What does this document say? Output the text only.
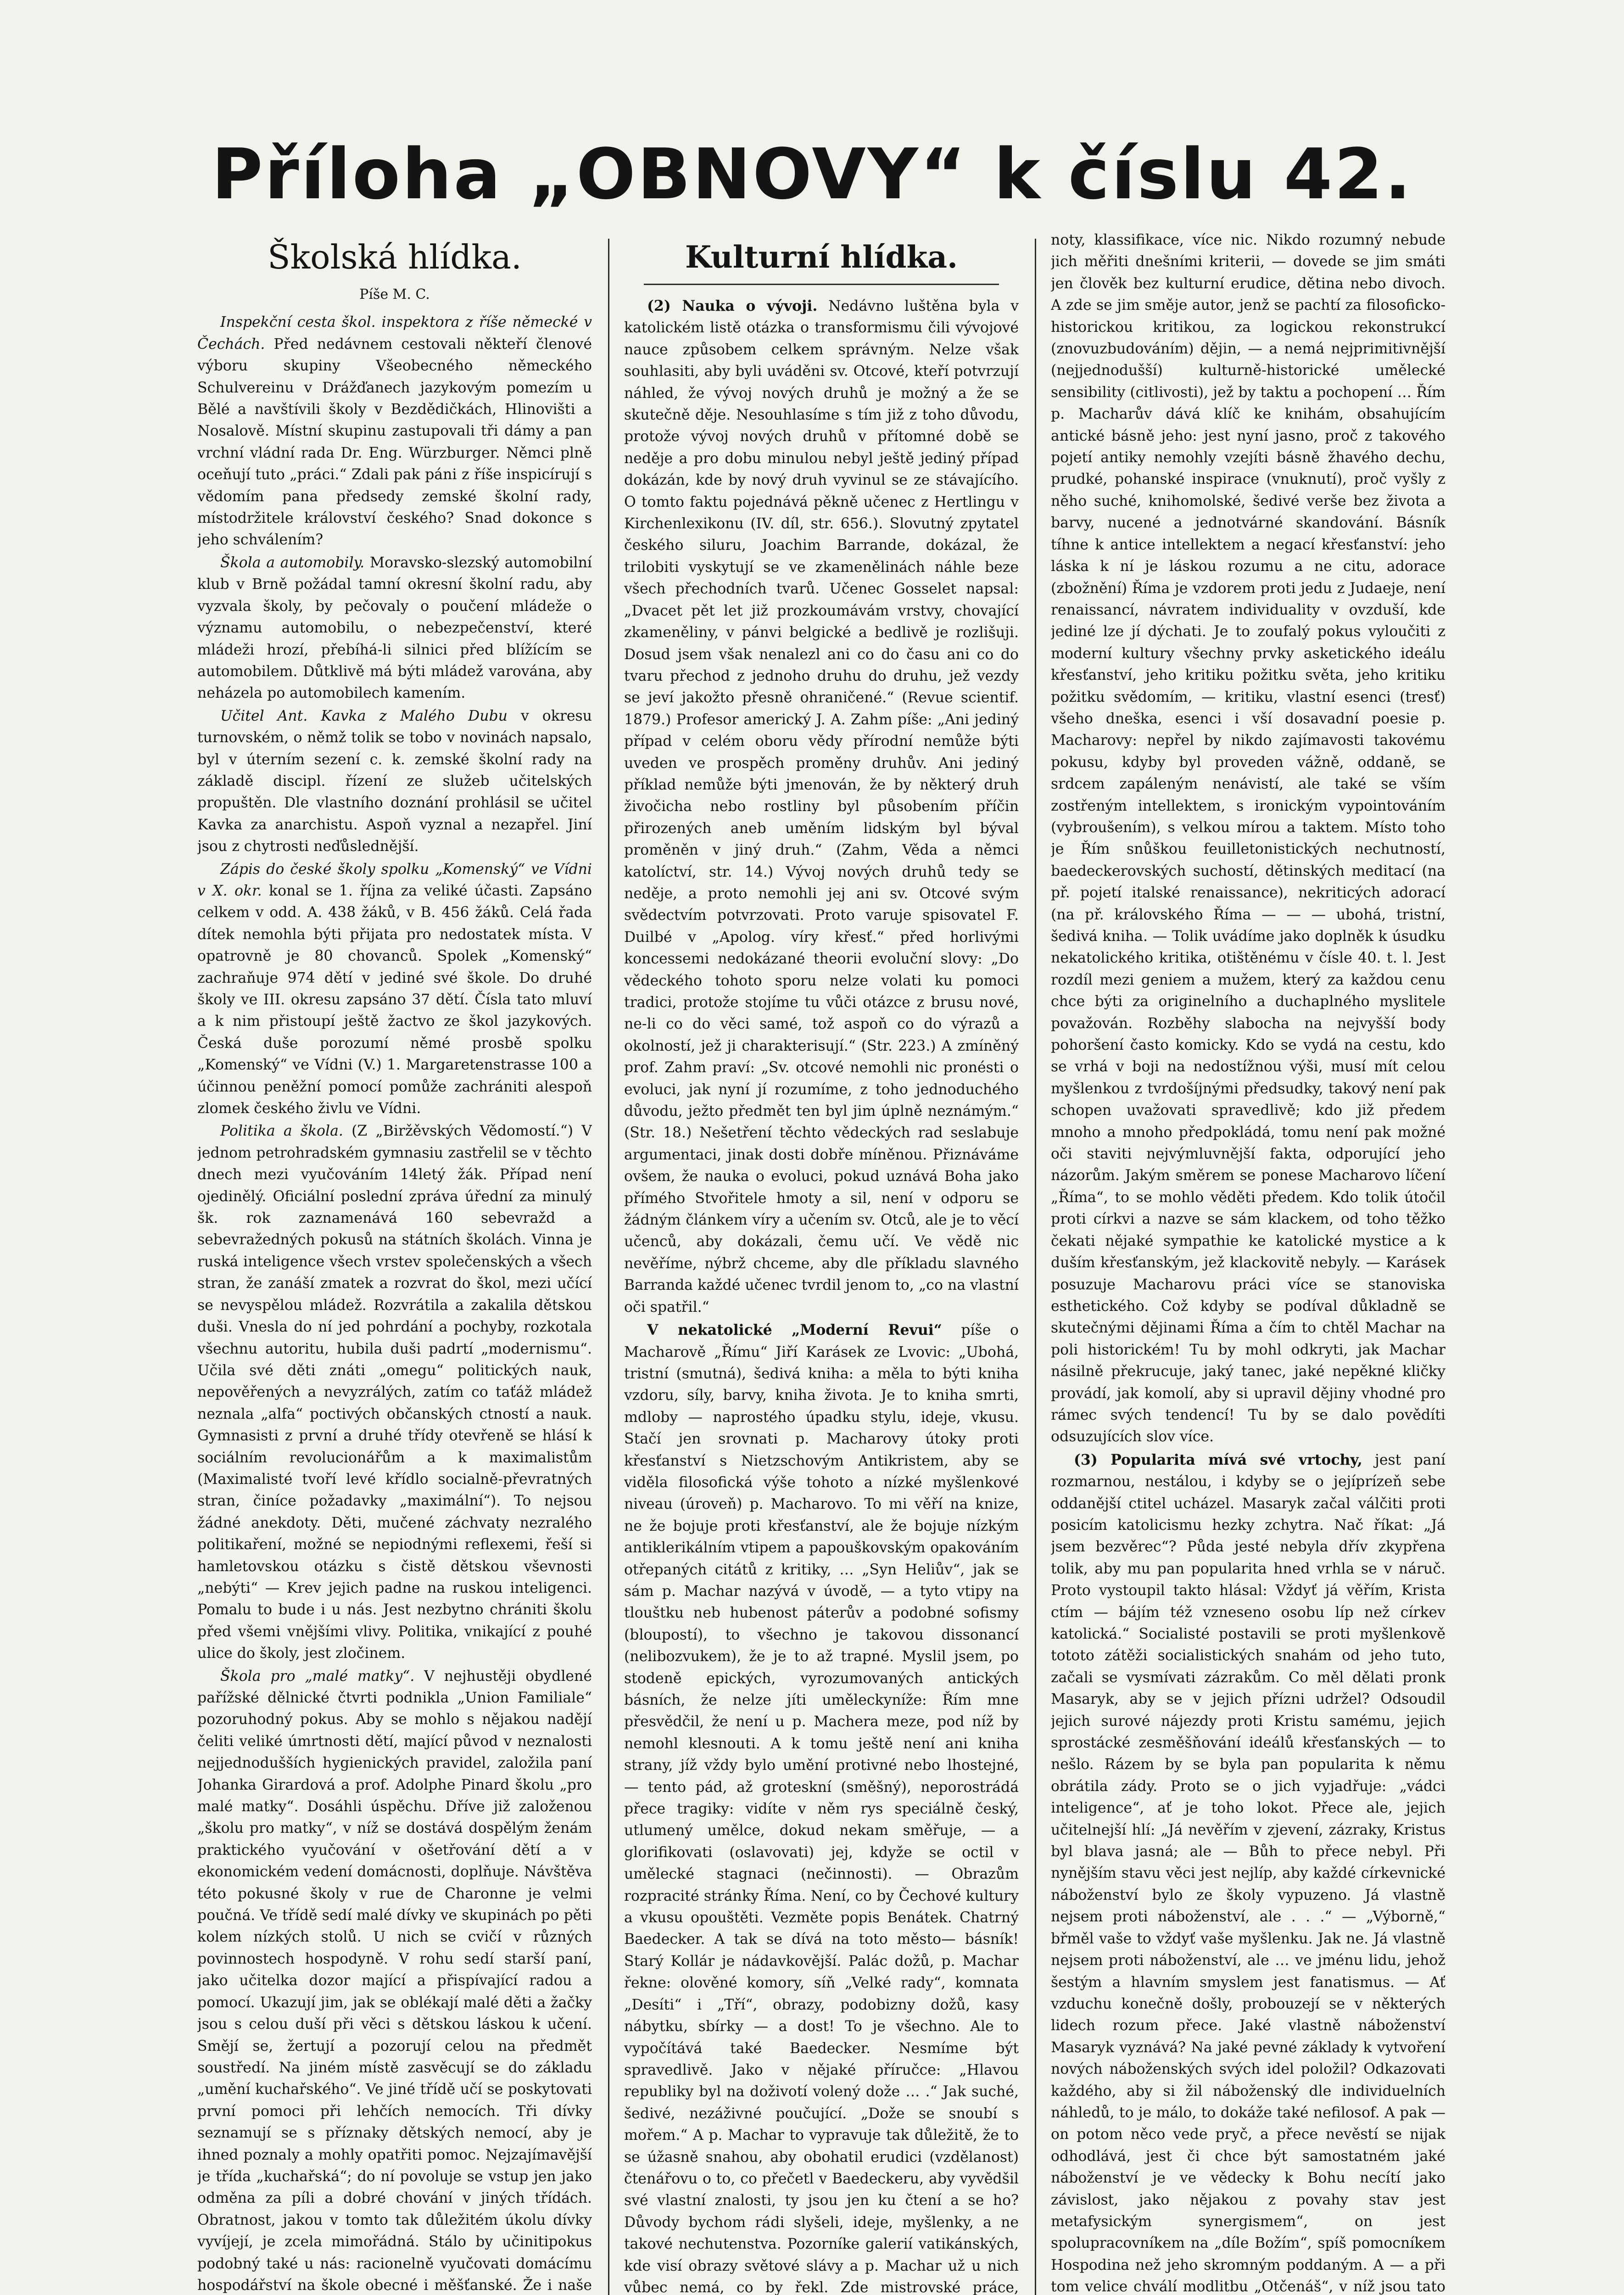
Příloha „OBNOVY“ k číslu 42.
Školská hlídka.
Píše M. C.

Inspekční cesta škol. inspektora z říše německé v Čechách. Před nedávnem cestovali někteří členové výboru skupiny Všeobecného německého Schulvereinu v Drážďanech jazykovým pomezím u Bělé a navštívili školy v Bezdědičkách, Hlinovišti a Nosalově. Místní skupinu zastupovali tři dámy a pan vrchní vládní rada Dr. Eng. Würzburger. Němci plně oceňují tuto „práci.“ Zdali pak páni z říše inspicírují s vědomím pana předsedy zemské školní rady, místodržitele království českého? Snad dokonce s jeho schválením?

Škola a automobily. Moravsko-slezský automobilní klub v Brně požádal tamní okresní školní radu, aby vyzvala školy, by pečovaly o poučení mládeže o významu automobilu, o nebezpečenství, které mládeži hrozí, přebíhá-li silnici před blížícím se automobilem. Důtklivě má býti mládež varována, aby neházela po automobilech kamením.

Učitel Ant. Kavka z Malého Dubu v okresu turnovském, o němž tolik se tobo v novinách napsalo, byl v úterním sezení c. k. zemské školní rady na základě discipl. řízení ze služeb učitelských propuštěn. Dle vlastního doznání prohlásil se učitel Kavka za anarchistu. Aspoň vyznal a nezapřel. Jiní jsou z chytrosti neďůslednější.

Zápis do české školy spolku „Komenský“ ve Vídni v X. okr. konal se 1. října za veliké účasti. Zapsáno celkem v odd. A. 438 žáků, v B. 456 žáků. Celá řada dítek nemohla býti přijata pro nedostatek místa. V opatrovně je 80 chovanců. Spolek „Komenský“ zachraňuje 974 dětí v jediné své škole. Do druhé školy ve III. okresu zapsáno 37 dětí. Čísla tato mluví a k nim přistoupí ještě žactvo ze škol jazykových. Česká duše porozumí němé prosbě spolku „Komenský“ ve Vídni (V.) 1. Margaretenstrasse 100 a účinnou peněžní pomocí pomůže zachrániti alespoň zlomek českého živlu ve Vídni.

Politika a škola. (Z „Biržěvských Vědomostí.“) V jednom petrohradském gymnasiu zastřelil se v těchto dnech mezi vyučováním 14letý žák. Případ není ojedinělý. Oficiální poslední zpráva úřední za minulý šk. rok zaznamenává 160 sebevražd a sebevražedných pokusů na státních školách. Vinna je ruská inteligence všech vrstev společenských a všech stran, že zanáší zmatek a rozvrat do škol, mezi učící se nevyspělou mládež. Rozvrátila a zakalila dětskou duši. Vnesla do ní jed pohrdání a pochyby, rozkotala všechnu autoritu, hubila duši padrtí „modernismu“. Učila své děti znáti „omegu“ politických nauk, nepověřených a nevyzrálých, zatím co taťáž mládež neznala „alfa“ poctivých občanských ctností a nauk. Gymnasisti z první a druhé třídy otevřeně se hlásí k sociálním revolucionářům a k maximalistům (Maximalisté tvoří levé křídlo socialně-převratných stran, činíce požadavky „maximální“). To nejsou žádné anekdoty. Děti, mučené záchvaty nezralého politikaření, možné se nepiodnými reflexemi, řeší si hamletovskou otázku s čistě dětskou vševnosti „nebýti“ — Krev jejich padne na ruskou inteligenci. Pomalu to bude i u nás. Jest nezbytno chrániti školu před všemi vnějšími vlivy. Politika, vnikající z pouhé ulice do školy, jest zločinem.

Škola pro „malé matky“. V nejhustěji obydlené pařížské dělnické čtvrti podnikla „Union Familiale“ pozoruhodný pokus. Aby se mohlo s nějakou nadějí čeliti veliké úmrtnosti dětí, mající původ v neznalosti nejjednodušších hygienických pravidel, založila paní Johanka Girardová a prof. Adolphe Pinard školu „pro malé matky“. Dosáhli úspěchu. Dříve již založenou „školu pro matky“, v níž se dostává dospělým ženám praktického vyučování v ošetřování dětí a v ekonomickém vedení domácnosti, doplňuje. Návštěva této pokusné školy v rue de Charonne je velmi poučná. Ve třídě sedí malé dívky ve skupinách po pěti kolem nízkých stolů. U nich se cvičí v různých povinnostech hospodyně. V rohu sedí starší paní, jako učitelka dozor mající a přispívající radou a pomocí. Ukazují jim, jak se oblékají malé děti a žačky jsou s celou duší při věci s dětskou láskou k učení. Smějí se, žertují a pozorují celou na předmět soustředí. Na jiném místě zasvěcují se do základu „umění kuchařského“. Ve jiné třídě učí se poskytovati první pomoci při lehčích nemocích. Tři dívky seznamují se s příznaky dětských nemocí, aby je ihned poznaly a mohly opatřiti pomoc. Nejzajímavější je třída „kuchařská“; do ní povoluje se vstup jen jako odměna za píli a dobré chování v jiných třídách. Obratnost, jakou v tomto tak důležitém úkolu dívky vyvíjejí, je zcela mimořádná. Stálo by učinitipokus podobný také u nás: racionelně vyučovati domácímu hospodářství na škole obecné i měšťanské. Že i naše

Kulturní hlídka.

(2) Nauka o vývoji. Nedávno luštěna byla v katolickém listě otázka o transformismu čili vývojové nauce způsobem celkem správným. Nelze však souhlasiti, aby byli uváděni sv. Otcové, kteří potvrzují náhled, že vývoj nových druhů je možný a že se skutečně děje. Nesouhlasíme s tím již z toho důvodu, protože vývoj nových druhů v přítomné době se neděje a pro dobu minulou nebyl ještě jediný případ dokázán, kde by nový druh vyvinul se ze stávajícího. O tomto faktu pojednává pěkně učenec z Hertlingu v Kirchenlexikonu (IV. díl, str. 656.). Slovutný zpytatel českého siluru, Joachim Barrande, dokázal, že trilobiti vyskytují se ve zkamenělinách náhle beze všech přechodních tvarů. Učenec Gosselet napsal: „Dvacet pět let již prozkoumávám vrstvy, chovající zkameněliny, v pánvi belgické a bedlivě je rozlišuji. Dosud jsem však nenalezl ani co do času ani co do tvaru přechod z jednoho druhu do druhu, jež vezdy se jeví jakožto přesně ohraničené.“ (Revue scientif. 1879.) Profesor americký J. A. Zahm píše: „Ani jediný případ v celém oboru vědy přírodní nemůže býti uveden ve prospěch proměny druhův. Ani jediný příklad nemůže býti jmenován, že by některý druh živočicha nebo rostliny byl působením příčin přirozených aneb uměním lidským byl býval proměněn v jiný druh.“ (Zahm, Věda a němci katolíctví, str. 14.) Vývoj nových druhů tedy se neděje, a proto nemohli jej ani sv. Otcové svým svědectvím potvrzovati. Proto varuje spisovatel F. Duilbé v „Apolog. víry křesť.“ před horlivými koncessemi nedokázané theorii evoluční slovy: „Do vědeckého tohoto sporu nelze volati ku pomoci tradici, protože stojíme tu vůči otázce z brusu nové, ne-li co do věci samé, tož aspoň co do výrazů a okolností, jež ji charakterisují.“ (Str. 223.) A zmíněný prof. Zahm praví: „Sv. otcové nemohli nic pronésti o evoluci, jak nyní jí rozumíme, z toho jednoduchého důvodu, ježto předmět ten byl jim úplně neznámým.“ (Str. 18.) Nešetření těchto vědeckých rad seslabuje argumentaci, jinak dosti dobře míněnou. Přiznáváme ovšem, že nauka o evoluci, pokud uznává Boha jako přímého Stvořitele hmoty a sil, není v odporu se žádným článkem víry a učením sv. Otců, ale je to věcí učenců, aby dokázali, čemu učí. Ve vědě nic nevěříme, nýbrž chceme, aby dle příkladu slavného Barranda každé učenec tvrdil jenom to, „co na vlastní oči spatřil.“

V nekatolické „Moderní Revui“ píše o Macharově „Římu“ Jiří Karásek ze Lvovic: „Ubohá, tristní (smutná), šedivá kniha: a měla to býti kniha vzdoru, síly, barvy, kniha života. Je to kniha smrti, mdloby — naprostého úpadku stylu, ideje, vkusu. Stačí jen srovnati p. Macharovy útoky proti křesťanství s Nietzschovým Antikristem, aby se viděla filosofická výše tohoto a nízké myšlenkové niveau (úroveň) p. Macharovo. To mi věří na knize, ne že bojuje proti křesťanství, ale že bojuje nízkým antiklerikálním vtipem a papouškovským opakováním otřepaných citátů z kritiky, … „Syn Heliův“, jak se sám p. Machar nazývá v úvodě, — a tyto vtipy na tlouštku neb hubenost páterův a podobné sofismy (bloupostí), to všechno je takovou dissonancí (nelibozvukem), že je to až trapné. Myslil jsem, po stodeně epických, vyrozumovaných antických básních, že nelze jíti uměleckyníže: Řím mne přesvědčil, že není u p. Machera meze, pod níž by nemohl klesnouti. A k tomu ještě není ani kniha strany, jíž vždy bylo umění protivné nebo lhostejné, — tento pád, až groteskní (směšný), neporostrádá přece tragiky: vidíte v něm rys speciálně český, utlumený umělce, dokud nekam směřuje, — a glorifikovati (oslavovati) jej, kdyže se octil v umělecké stagnaci (nečinnosti). — Obrazům rozpracité stránky Říma. Není, co by Čechové kultury a vkusu opouštěti. Vezměte popis Benátek. Chatrný Baedecker. A tak se dívá na toto město— básník! Starý Kollár je nádavkovější. Palác dožů, p. Machar řekne: olověné komory, síň „Velké rady“, komnata „Desíti“ i „Tří“, obrazy, podobizny dožů, kasy nábytku, sbírky — a dost! To je všechno. Ale to vypočítává také Baedecker. Nesmíme být spravedlivě. Jako v nějaké příručce: „Hlavou republiky byl na doživotí volený dože … .“ Jak suché, šedivé, nezáživné poučující. „Dože se snoubí s mořem.“ A p. Machar to vypravuje tak důležitě, že to se úžasně snahou, aby obohatil erudici (vzdělanost) čtenářovu o to, co přečetl v Baedeckeru, aby vyvědšil své vlastní znalosti, ty jsou jen ku čtení a se ho? Důvody bychom rádi slyšeli, ideje, myšlenky, a ne takové nechutenstva. Pozorníke galerií vatikánských, kde visí obrazy světové slávy a p. Machar už u nich vůbec nemá, co by řekl. Zde mistrovské práce,

noty, klassifikace, více nic. Nikdo rozumný nebude jich měřiti dnešními kriterii, — dovede se jim smáti jen člověk bez kulturní erudice, dětina nebo divoch. A zde se jim směje autor, jenž se pachtí za filosoficko-historickou kritikou, za logickou rekonstrukcí (znovuzbudováním) dějin, — a nemá nejprimitivnější (nejjednodušší) kulturně-historické umělecké sensibility (citlivosti), jež by taktu a pochopení … Řím p. Macharův dává klíč ke knihám, obsahujícím antické básně jeho: jest nyní jasno, proč z takového pojetí antiky nemohly vzejíti básně žhavého dechu, prudké, pohanské inspirace (vnuknutí), proč vyšly z něho suché, knihomolské, šedivé verše bez života a barvy, nucené a jednotvárné skandování. Básník tíhne k antice intellektem a negací křesťanství: jeho láska k ní je láskou rozumu a ne citu, adorace (zbožnění) Říma je vzdorem proti jedu z Judaeje, není renaissancí, návratem individuality v ovzduší, kde jediné lze jí dýchati. Je to zoufalý pokus vyloučiti z moderní kultury všechny prvky asketického ideálu křesťanství, jeho kritiku požitku světa, jeho kritiku požitku svědomím, — kritiku, vlastní esenci (tresť) všeho dneška, esenci i vší dosavadní poesie p. Macharovy: nepřel by nikdo zajímavosti takovému pokusu, kdyby byl proveden vážně, oddaně, se srdcem zapáleným nenávistí, ale také se vším zostřeným intellektem, s ironickým vypointováním (vybroušením), s velkou mírou a taktem. Místo toho je Řím snůškou feuilletonistických nechutností, baedeckerovských suchostí, dětinských meditací (na př. pojetí italské renaissance), nekriticých adorací (na př. královského Říma — — — ubohá, tristní, šedivá kniha. — Tolik uvádíme jako doplněk k úsudku nekatolického kritika, otištěnému v čísle 40. t. l. Jest rozdíl mezi geniem a mužem, který za každou cenu chce býti za originelního a duchaplného myslitele považován. Rozběhy slabocha na nejvyšší body pohoršení často komicky. Kdo se vydá na cestu, kdo se vrhá v boji na nedostížnou výši, musí mít celou myšlenkou z tvrdošíjnými předsudky, takový není pak schopen uvažovati spravedlivě; kdo již předem mnoho a mnoho předpokládá, tomu není pak možné oči staviti nejvýmluvnější fakta, odporující jeho názorům. Jakým směrem se ponese Macharovo líčení „Říma“, to se mohlo věděti předem. Kdo tolik útočil proti církvi a nazve se sám klackem, od toho těžko čekati nějaké sympathie ke katolické mystice a k duším křesťanským, jež klackovitě nebyly. — Karásek posuzuje Macharovu práci více se stanoviska esthetického. Což kdyby se podíval důkladně se skutečnými dějinami Říma a čím to chtěl Machar na poli historickém! Tu by mohl odkryti, jak Machar násilně překrucuje, jaký tanec, jaké nepěkné kličky provádí, jak komolí, aby si upravil dějiny vhodné pro rámec svých tendencí! Tu by se dalo povědíti odsuzujících slov více.

(3) Popularita mívá své vrtochy, jest paní rozmarnou, nestálou, i kdyby se o jejíprízeň sebe oddanější ctitel ucházel. Masaryk začal válčiti proti posicím katolicismu hezky zchytra. Nač říkat: „Já jsem bezvěrec“? Půda jesté nebyla dřív zkypřena tolik, aby mu pan popularita hned vrhla se v náruč. Proto vystoupil takto hlásal: Vždyť já věřím, Krista ctím — bájím též vzneseno osobu líp než církev katolická.“ Socialisté postavili se proti myšlenkově tototo zátěži socialistických snahám od jeho tuto, začali se vysmívati zázrakům. Co měl dělati pronk Masaryk, aby se v jejich přízni udržel? Odsoudil jejich surové nájezdy proti Kristu samému, jejich sprostácké zesměšňování ideálů křesťanských — to nešlo. Rázem by se byla pan popularita k němu obrátila zády. Proto se o jich vyjadřuje: „vádci inteligence“, ať je toho lokot. Přece ale, jejich učitelnejší hlí: „Já nevěřím v zjevení, zázraky, Kristus byl blava jasná; ale — Bůh to přece nebyl. Při nynějším stavu věci jest nejlíp, aby každé církevnické náboženství bylo ze školy vypuzeno. Já vlastně nejsem proti náboženství, ale . . .“ — „Výborně,“ břměl vaše to vždyť vaše myšlenku. Jak ne. Já vlastně nejsem proti náboženství, ale … ve jménu lidu, jehož šestým a hlavním smyslem jest fanatismus. — Ať vzduchu konečně došly, probouzejí se v některých lidech rozum přece. Jaké vlastně náboženství Masaryk vyznává? Na jaké pevné základy k vytvoření nových náboženských svých idel položil? Odkazovati každého, aby si žil náboženský dle individuelních náhledů, to je málo, to dokáže také nefilosof. A pak — on potom něco vede pryč, a přece nevěstí se nijak odhodlává, jest či chce být samostatném jaké náboženství je ve vědecky k Bohu necítí jako závislost, jako nějakou z povahy stav jest metafysickým synergismem“, on jest spolupracovníkem na „díle Božím“, spíš pomocníkem Hospodina než jeho skromným poddaným. A — a při tom velice chválí modlitbu „Otčenáš“, v níž jsou tato
